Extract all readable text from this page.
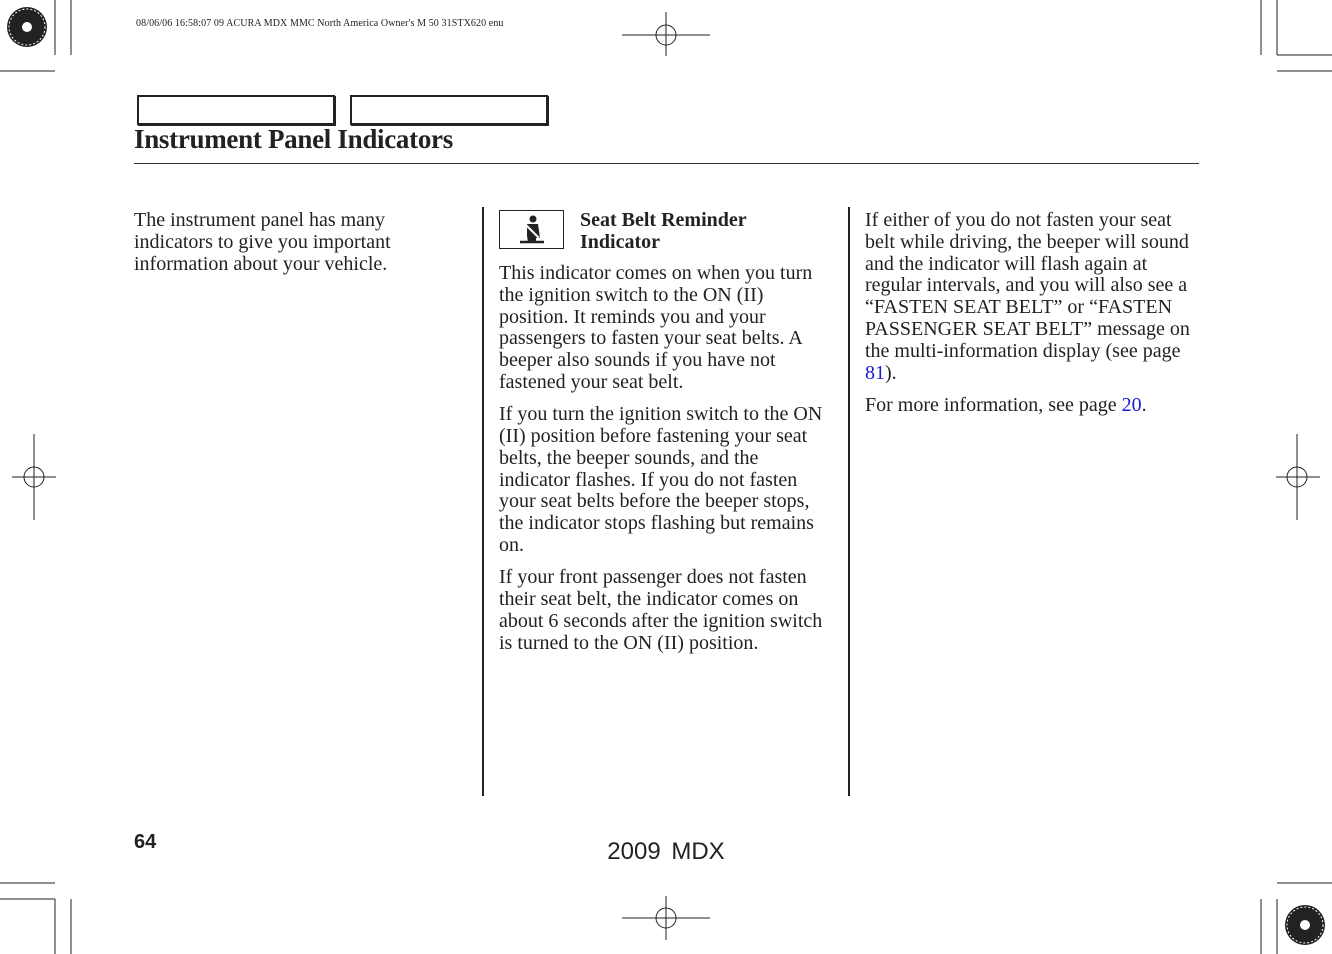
08/06/06 16:58:07 09 ACURA MDX MMC North America Owner's M 50 31STX620 enu
Instrument Panel Indicators

The instrument panel has many indicators to give you important information about your vehicle.

Seat Belt Reminder
Indicator

This indicator comes on when you turn the ignition switch to the ON (II) position. It reminds you and your passengers to fasten your seat belts. A beeper also sounds if you have not fastened your seat belt.

If you turn the ignition switch to the ON (II) position before fastening your seat belts, the beeper sounds, and the indicator flashes. If you do not fasten your seat belts before the beeper stops, the indicator stops flashing but remains on.

If your front passenger does not fasten their seat belt, the indicator comes on about 6 seconds after the ignition switch is turned to the ON (II) position.

If either of you do not fasten your seat belt while driving, the beeper will sound and the indicator will flash again at regular intervals, and you will also see a “FASTEN SEAT BELT” or “FASTEN PASSENGER SEAT BELT” message on the multi-information display (see page 81).

For more information, see page 20.

64	2009 MDX
